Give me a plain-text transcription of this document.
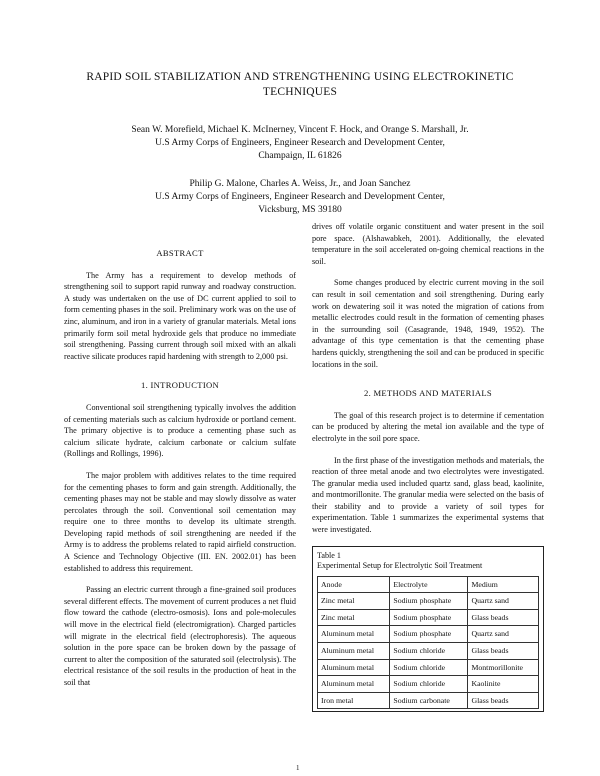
RAPID SOIL STABILIZATION AND STRENGTHENING USING ELECTROKINETIC
TECHNIQUES
Sean W. Morefield, Michael K. McInerney, Vincent F. Hock, and Orange S. Marshall, Jr.
U.S Army Corps of Engineers, Engineer Research and Development Center,
Champaign, IL 61826
Philip G. Malone, Charles A. Weiss, Jr., and Joan Sanchez
U.S Army Corps of Engineers, Engineer Research and Development Center,
Vicksburg, MS 39180
ABSTRACT

The Army has a requirement to develop methods of strengthening soil to support rapid runway and roadway construction. A study was undertaken on the use of DC current applied to soil to form cementing phases in the soil. Preliminary work was on the use of zinc, aluminum, and iron in a variety of granular materials. Metal ions primarily form soil metal hydroxide gels that produce no immediate soil strengthening. Passing current through soil mixed with an alkali reactive silicate produces rapid hardening with strength to 2,000 psi.

1. INTRODUCTION

Conventional soil strengthening typically involves the addition of cementing materials such as calcium hydroxide or portland cement. The primary objective is to produce a cementing phase such as calcium silicate hydrate, calcium carbonate or calcium sulfate (Rollings and Rollings, 1996).

The major problem with additives relates to the time required for the cementing phases to form and gain strength. Additionally, the cementing phases may not be stable and may slowly dissolve as water percolates through the soil. Conventional soil cementation may require one to three months to develop its ultimate strength. Developing rapid methods of soil strengthening are needed if the Army is to address the problems related to rapid airfield construction. A Science and Technology Objective (III. EN. 2002.01) has been established to address this requirement.

Passing an electric current through a fine-grained soil produces several different effects. The movement of current produces a net fluid flow toward the cathode (electro-osmosis). Ions and pole-molecules will move in the electrical field (electromigration). Charged particles will migrate in the electrical field (electrophoresis). The aqueous solution in the pore space can be broken down by the passage of current to alter the composition of the saturated soil (electrolysis). The electrical resistance of the soil results in the production of heat in the soil that

drives off volatile organic constituent and water present in the soil pore space. (Alshawabkeh, 2001). Additionally, the elevated temperature in the soil accelerated on-going chemical reactions in the soil.

Some changes produced by electric current moving in the soil can result in soil cementation and soil strengthening. During early work on dewatering soil it was noted the migration of cations from metallic electrodes could result in the formation of cementing phases in the surrounding soil (Casagrande, 1948, 1949, 1952). The advantage of this type cementation is that the cementing phase hardens quickly, strengthening the soil and can be produced in specific locations in the soil.

2. METHODS AND MATERIALS

The goal of this research project is to determine if cementation can be produced by altering the metal ion available and the type of electrolyte in the soil pore space.

In the first phase of the investigation methods and materials, the reaction of three metal anode and two electrolytes were investigated. The granular media used included quartz sand, glass bead, kaolinite, and montmorillonite. The granular media were selected on the basis of their stability and to provide a variety of soil types for experimentation. Table 1 summarizes the experimental systems that were investigated.

Table 1
Experimental Setup for Electrolytic Soil Treatment
Anode	Electrolyte	Medium
Zinc metal	Sodium phosphate	Quartz sand
Zinc metal	Sodium phosphate	Glass beads
Aluminum metal	Sodium phosphate	Quartz sand
Aluminum metal	Sodium chloride	Glass beads
Aluminum metal	Sodium chloride	Montmorillonite
Aluminum metal	Sodium chloride	Kaolinite
Iron metal	Sodium carbonate	Glass beads
1
